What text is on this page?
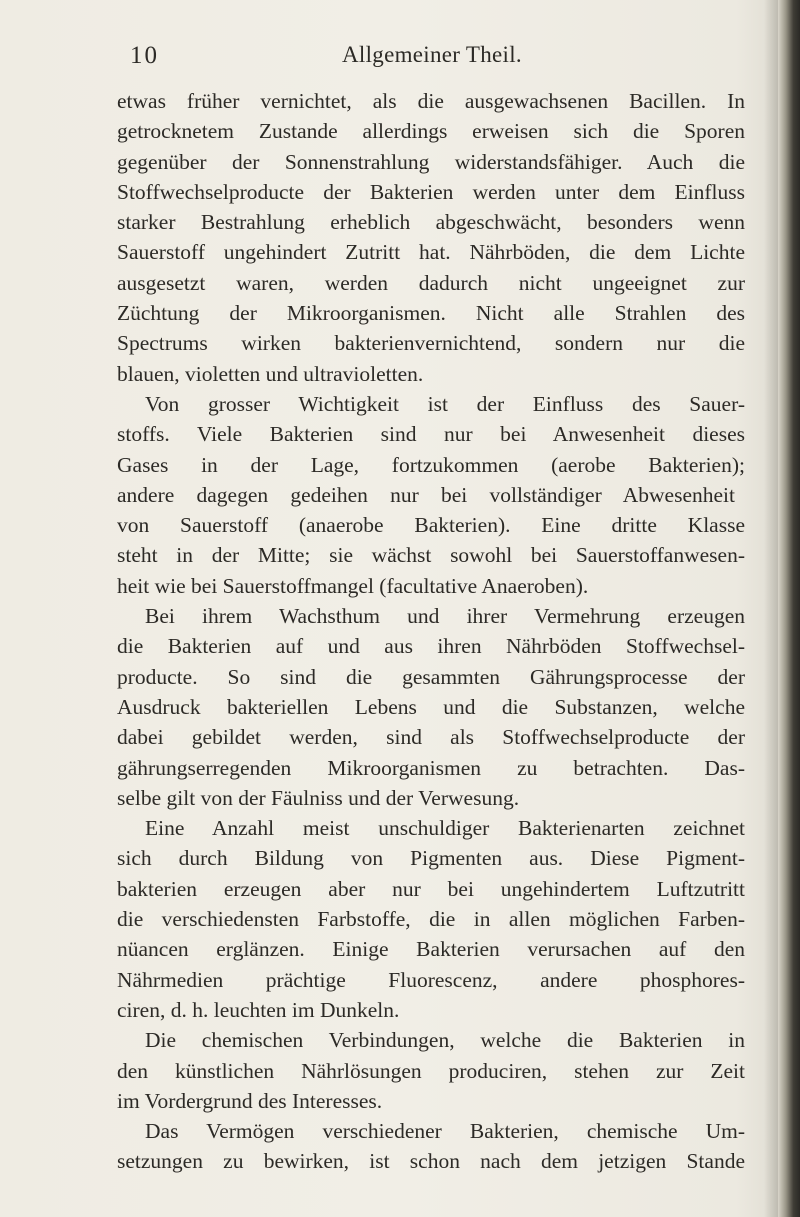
10	Allgemeiner Theil.
etwas früher vernichtet, als die ausgewachsenen Bacillen. In
getrocknetem Zustande allerdings erweisen sich die Sporen
gegenüber der Sonnenstrahlung widerstandsfähiger. Auch die
Stoffwechselproducte der Bakterien werden unter dem Einfluss
starker Bestrahlung erheblich abgeschwächt, besonders wenn
Sauerstoff ungehindert Zutritt hat. Nährböden, die dem Lichte
ausgesetzt waren, werden dadurch nicht ungeeignet zur
Züchtung der Mikroorganismen. Nicht alle Strahlen des
Spectrums wirken bakterienvernichtend, sondern nur die
blauen, violetten und ultravioletten.
Von grosser Wichtigkeit ist der Einfluss des Sauer-
stoffs. Viele Bakterien sind nur bei Anwesenheit dieses
Gases in der Lage, fortzukommen (aerobe Bakterien);
andere dagegen gedeihen nur bei vollständiger Abwesenheit
von Sauerstoff (anaerobe Bakterien). Eine dritte Klasse
steht in der Mitte; sie wächst sowohl bei Sauerstoffanwesen-
heit wie bei Sauerstoffmangel (facultative Anaeroben).
Bei ihrem Wachsthum und ihrer Vermehrung erzeugen
die Bakterien auf und aus ihren Nährböden Stoffwechsel-
producte. So sind die gesammten Gährungsprocesse der
Ausdruck bakteriellen Lebens und die Substanzen, welche
dabei gebildet werden, sind als Stoffwechselproducte der
gährungserregenden Mikroorganismen zu betrachten. Das-
selbe gilt von der Fäulniss und der Verwesung.
Eine Anzahl meist unschuldiger Bakterienarten zeichnet
sich durch Bildung von Pigmenten aus. Diese Pigment-
bakterien erzeugen aber nur bei ungehindertem Luftzutritt
die verschiedensten Farbstoffe, die in allen möglichen Farben-
nüancen erglänzen. Einige Bakterien verursachen auf den
Nährmedien prächtige Fluorescenz, andere phosphores-
ciren, d. h. leuchten im Dunkeln.
Die chemischen Verbindungen, welche die Bakterien in
den künstlichen Nährlösungen produciren, stehen zur Zeit
im Vordergrund des Interesses.
Das Vermögen verschiedener Bakterien, chemische Um-
setzungen zu bewirken, ist schon nach dem jetzigen Stande
